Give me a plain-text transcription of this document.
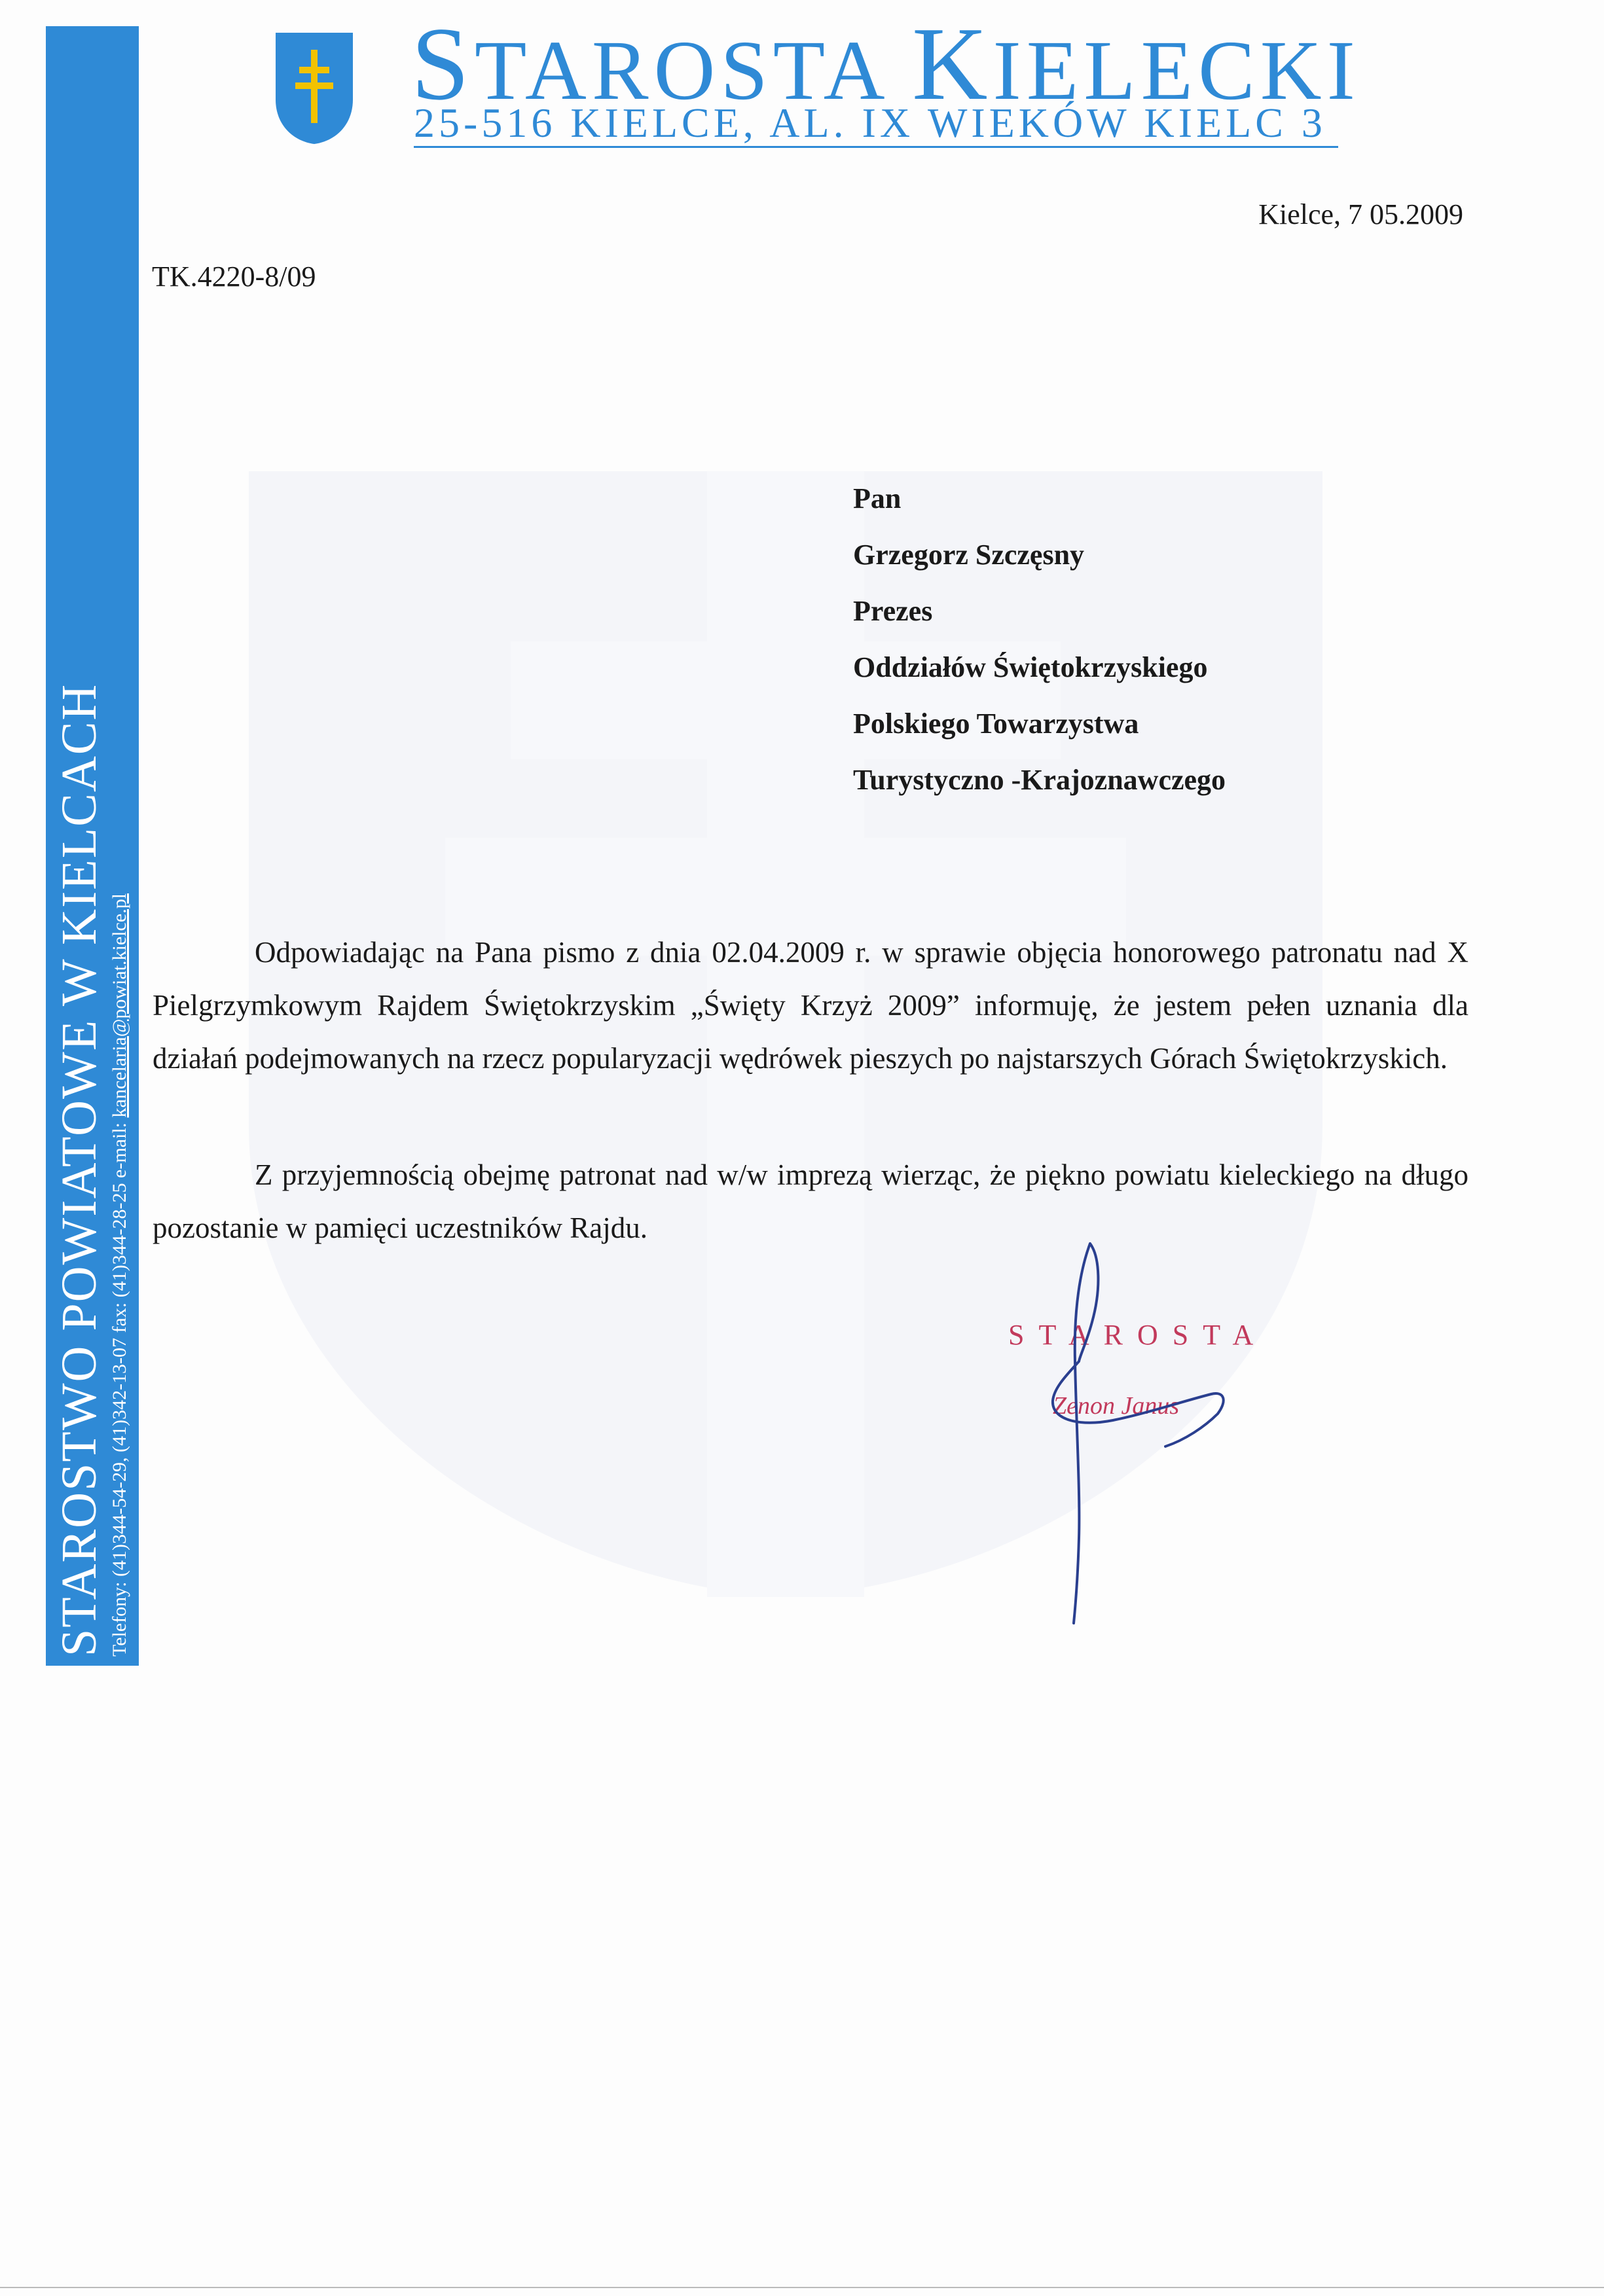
STAROSTWO POWIATOWE W KIELCACH Telefony: (41)344-54-29, (41)342-13-07 fax: (41)344-28-25 e-mail: kancelaria@powiat.kielce.pl
STAROSTA KIELECKI
25-516 KIELCE, AL. IX WIEKÓW KIELC 3
Kielce, 7 05.2009
TK.4220-8/09
Pan
Grzegorz Szczęsny
Prezes
Oddziałów Świętokrzyskiego
Polskiego Towarzystwa
Turystyczno -Krajoznawczego
Odpowiadając na Pana pismo z dnia 02.04.2009 r. w sprawie objęcia honorowego patronatu nad X Pielgrzymkowym Rajdem Świętokrzyskim „Święty Krzyż 2009” informuję, że jestem pełen uznania dla działań podejmowanych na rzecz popularyzacji wędrówek pieszych po najstarszych Górach Świętokrzyskich.
Z przyjemnością obejmę patronat nad w/w imprezą wierząc, że piękno powiatu kieleckiego na długo pozostanie w pamięci uczestników Rajdu.
STAROSTA
Zenon Janus
